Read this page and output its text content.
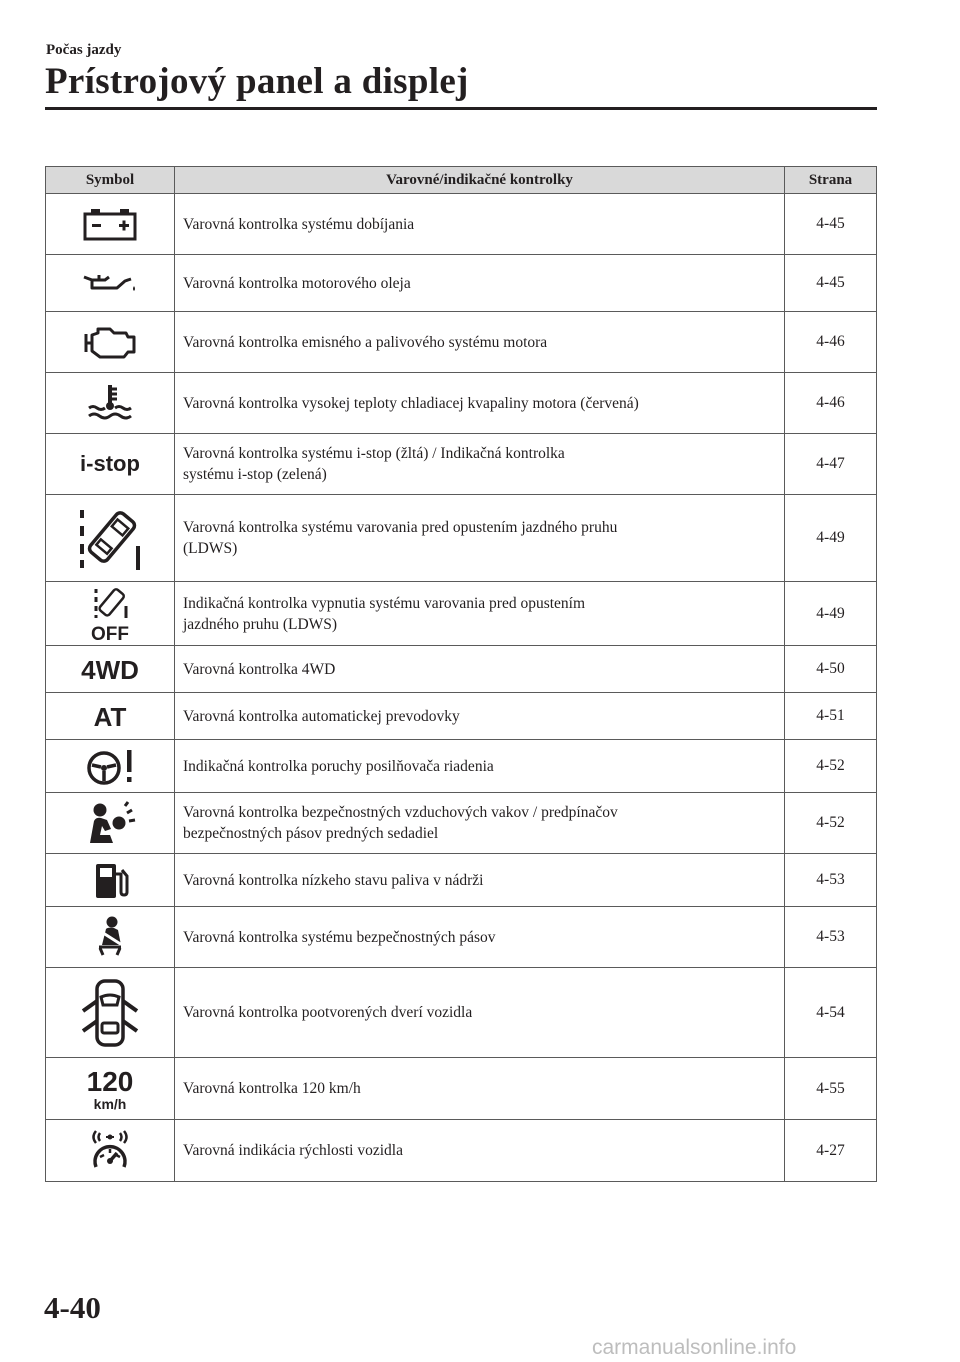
Počas jazdy
Prístrojový panel a displej
Symbol	Varovné/indikačné kontrolky	Strana

	Varovná kontrolka systému dobíjania	4-45

	Varovná kontrolka motorového oleja	4-45

	Varovná kontrolka emisného a palivového systému motora	4-46

	Varovná kontrolka vysokej teploty chladiacej kvapaliny motora (červená)	4-46

i-stop	Varovná kontrolka systému i-stop (žltá) / Indikačná kontrolka
systému i-stop (zelená)	4-47

	Varovná kontrolka systému varovania pred opustením jazdného pruhu
(LDWS)	4-49

OFF	Indikačná kontrolka vypnutia systému varovania pred opustením
jazdného pruhu (LDWS)	4-49

4WD	Varovná kontrolka 4WD	4-50

AT	Varovná kontrolka automatickej prevodovky	4-51

	Indikačná kontrolka poruchy posilňovača riadenia	4-52

	Varovná kontrolka bezpečnostných vzduchových vakov / predpínačov
bezpečnostných pásov predných sedadiel	4-52

	Varovná kontrolka nízkeho stavu paliva v nádrži	4-53

	Varovná kontrolka systému bezpečnostných pásov	4-53

	Varovná kontrolka pootvorených dverí vozidla	4-54

120
km/h	Varovná kontrolka 120 km/h	4-55

	Varovná indikácia rýchlosti vozidla	4-27
4-40
carmanualsonline.info
